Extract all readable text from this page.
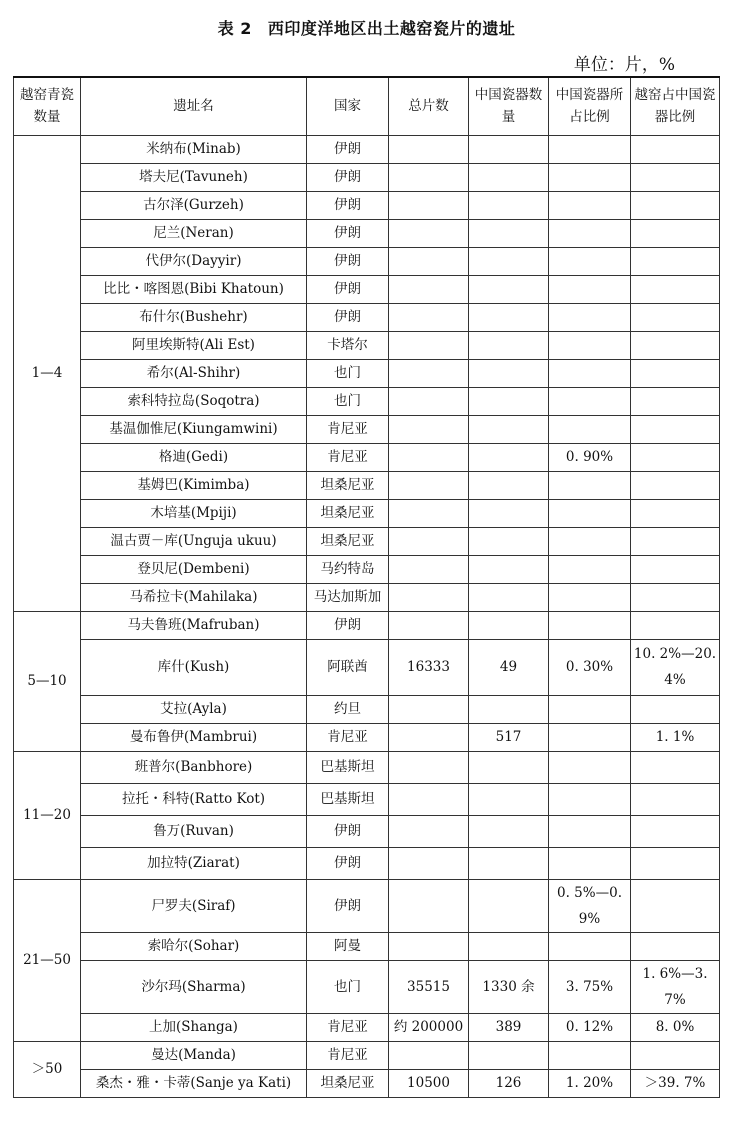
表 2 西印度洋地区出土越窑瓷片的遗址
单位：片，%
越窑青瓷数量	遗址名	国家	总片数	中国瓷器数量	中国瓷器所占比例	越窑占中国瓷器比例
1—4	米纳布(Minab)	伊朗				
	塔夫尼(Tavuneh)	伊朗				
	古尔泽(Gurzeh)	伊朗				
	尼兰(Neran)	伊朗				
	代伊尔(Dayyir)	伊朗				
	比比・喀图恩(Bibi Khatoun)	伊朗				
	布什尔(Bushehr)	伊朗				
	阿里埃斯特(Ali Est)	卡塔尔				
	希尔(Al-Shihr)	也门				
	索科特拉岛(Soqotra)	也门				
	基温伽惟尼(Kiungamwini)	肯尼亚				
	格迪(Gedi)	肯尼亚			0. 90%	
	基姆巴(Kimimba)	坦桑尼亚				
	木培基(Mpiji)	坦桑尼亚				
	温古贾－库(Unguja ukuu)	坦桑尼亚				
	登贝尼(Dembeni)	马约特岛				
	马希拉卡(Mahilaka)	马达加斯加				
5—10	马夫鲁班(Mafruban)	伊朗				
	库什(Kush)	阿联酋	16333	49	0. 30%	10. 2%—20. 4%
	艾拉(Ayla)	约旦				
	曼布鲁伊(Mambrui)	肯尼亚		517		1. 1%
11—20	班普尔(Banbhore)	巴基斯坦				
	拉托・科特(Ratto Kot)	巴基斯坦				
	鲁万(Ruvan)	伊朗				
	加拉特(Ziarat)	伊朗				
21—50	尸罗夫(Siraf)	伊朗			0. 5%—0. 9%	
	索哈尔(Sohar)	阿曼				
	沙尔玛(Sharma)	也门	35515	1330 余	3. 75%	1. 6%—3. 7%
	上加(Shanga)	肯尼亚	约 200000	389	0. 12%	8. 0%
＞50	曼达(Manda)	肯尼亚				
	桑杰・雅・卡蒂(Sanje ya Kati)	坦桑尼亚	10500	126	1. 20%	＞39. 7%
